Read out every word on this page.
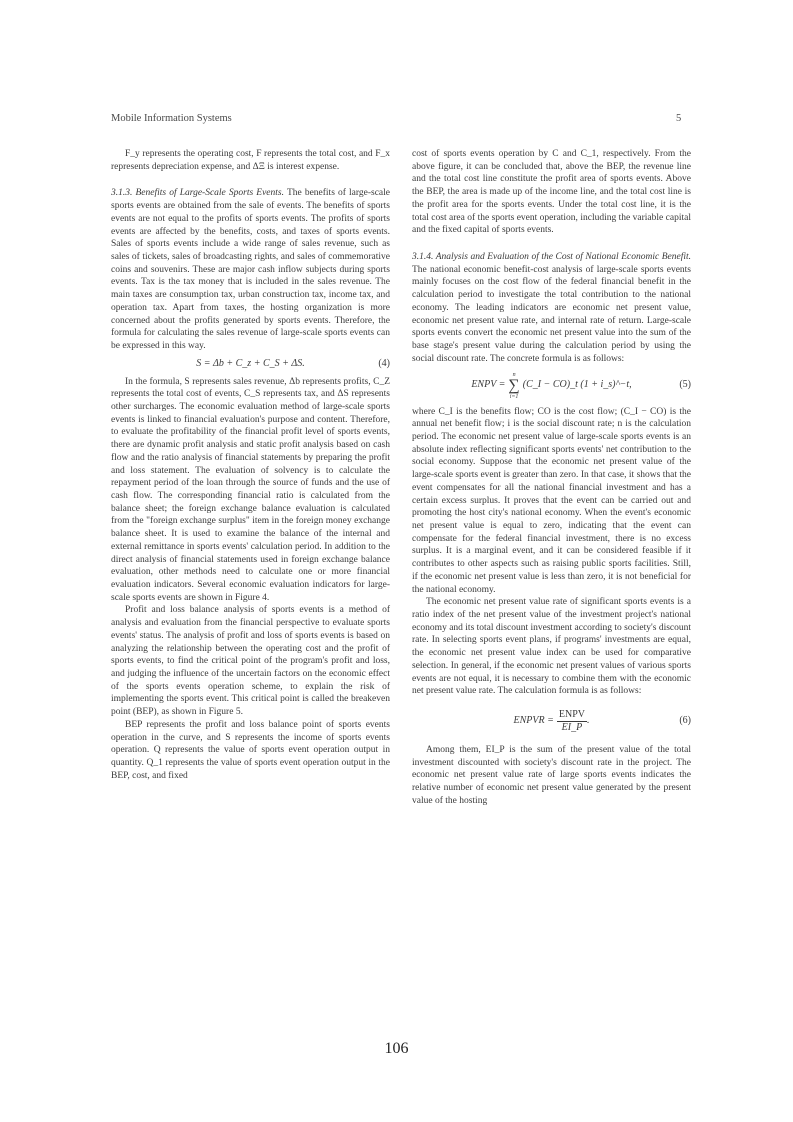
Mobile Information Systems	5

F_y represents the operating cost, F represents the total cost, and F_x represents depreciation expense, and ΔΞ is interest expense.

3.1.3. Benefits of Large-Scale Sports Events. The benefits of large-scale sports events are obtained from the sale of events. The benefits of sports events are not equal to the profits of sports events. The profits of sports events are affected by the benefits, costs, and taxes of sports events. Sales of sports events include a wide range of sales revenue, such as sales of tickets, sales of broadcasting rights, and sales of commemorative coins and souvenirs. These are major cash inflow subjects during sports events. Tax is the tax money that is included in the sales revenue. The main taxes are consumption tax, urban construction tax, income tax, and operation tax. Apart from taxes, the hosting organization is more concerned about the profits generated by sports events. Therefore, the formula for calculating the sales revenue of large-scale sports events can be expressed in this way.

S = Δb + C_z + C_S + ΔS.	(4)

In the formula, S represents sales revenue, Δb represents profits, C_Z represents the total cost of events, C_S represents tax, and ΔS represents other surcharges. The economic evaluation method of large-scale sports events is linked to financial evaluation's purpose and content. Therefore, to evaluate the profitability of the financial profit level of sports events, there are dynamic profit analysis and static profit analysis based on cash flow and the ratio analysis of financial statements by preparing the profit and loss statement. The evaluation of solvency is to calculate the repayment period of the loan through the source of funds and the use of cash flow. The corresponding financial ratio is calculated from the balance sheet; the foreign exchange balance evaluation is calculated from the "foreign exchange surplus" item in the foreign money exchange balance sheet. It is used to examine the balance of the internal and external remittance in sports events' calculation period. In addition to the direct analysis of financial statements used in foreign exchange balance evaluation, other methods need to calculate one or more financial evaluation indicators. Several economic evaluation indicators for large-scale sports events are shown in Figure 4.

Profit and loss balance analysis of sports events is a method of analysis and evaluation from the financial perspective to evaluate sports events' status. The analysis of profit and loss of sports events is based on analyzing the relationship between the operating cost and the profit of sports events, to find the critical point of the program's profit and loss, and judging the influence of the uncertain factors on the economic effect of the sports events operation scheme, to explain the risk of implementing the sports event. This critical point is called the breakeven point (BEP), as shown in Figure 5.

BEP represents the profit and loss balance point of sports events operation in the curve, and S represents the income of sports events operation. Q represents the value of sports event operation output in quantity. Q_1 represents the value of sports event operation output in the BEP, cost, and fixed

cost of sports events operation by C and C_1, respectively. From the above figure, it can be concluded that, above the BEP, the revenue line and the total cost line constitute the profit area of sports events. Above the BEP, the area is made up of the income line, and the total cost line is the profit area for the sports events. Under the total cost line, it is the total cost area of the sports event operation, including the variable capital and the fixed capital of sports events.

3.1.4. Analysis and Evaluation of the Cost of National Economic Benefit. The national economic benefit-cost analysis of large-scale sports events mainly focuses on the cost flow of the federal financial benefit in the calculation period to investigate the total contribution to the national economy. The leading indicators are economic net present value, economic net present value rate, and internal rate of return. Large-scale sports events convert the economic net present value into the sum of the base stage's present value during the calculation period by using the social discount rate. The concrete formula is as follows:

ENPV =
n
∑
i=1
(C_I − CO)_t (1 + i_s)^−t,	(5)

where C_I is the benefits flow; CO is the cost flow; (C_I − CO) is the annual net benefit flow; i is the social discount rate; n is the calculation period. The economic net present value of large-scale sports events is an absolute index reflecting significant sports events' net contribution to the social economy. Suppose that the economic net present value of the large-scale sports event is greater than zero. In that case, it shows that the event compensates for all the national financial investment and has a certain excess surplus. It proves that the event can be carried out and promoting the host city's national economy. When the event's economic net present value is equal to zero, indicating that the event can compensate for the federal financial investment, there is no excess surplus. It is a marginal event, and it can be considered feasible if it contributes to other aspects such as raising public sports facilities. Still, if the economic net present value is less than zero, it is not beneficial for the national economy.

The economic net present value rate of significant sports events is a ratio index of the net present value of the investment project's national economy and its total discount investment according to society's discount rate. In selecting sports event plans, if programs' investments are equal, the economic net present value index can be used for comparative selection. In general, if the economic net present values of various sports events are not equal, it is necessary to combine them with the economic net present value rate. The calculation formula is as follows:

ENPVR = $\frac{\text{ENPV}}{EI\_P}$ .	(6)

Among them, EI_P is the sum of the present value of the total investment discounted with society's discount rate in the project. The economic net present value rate of large sports events indicates the relative number of economic net present value generated by the present value of the hosting

106
